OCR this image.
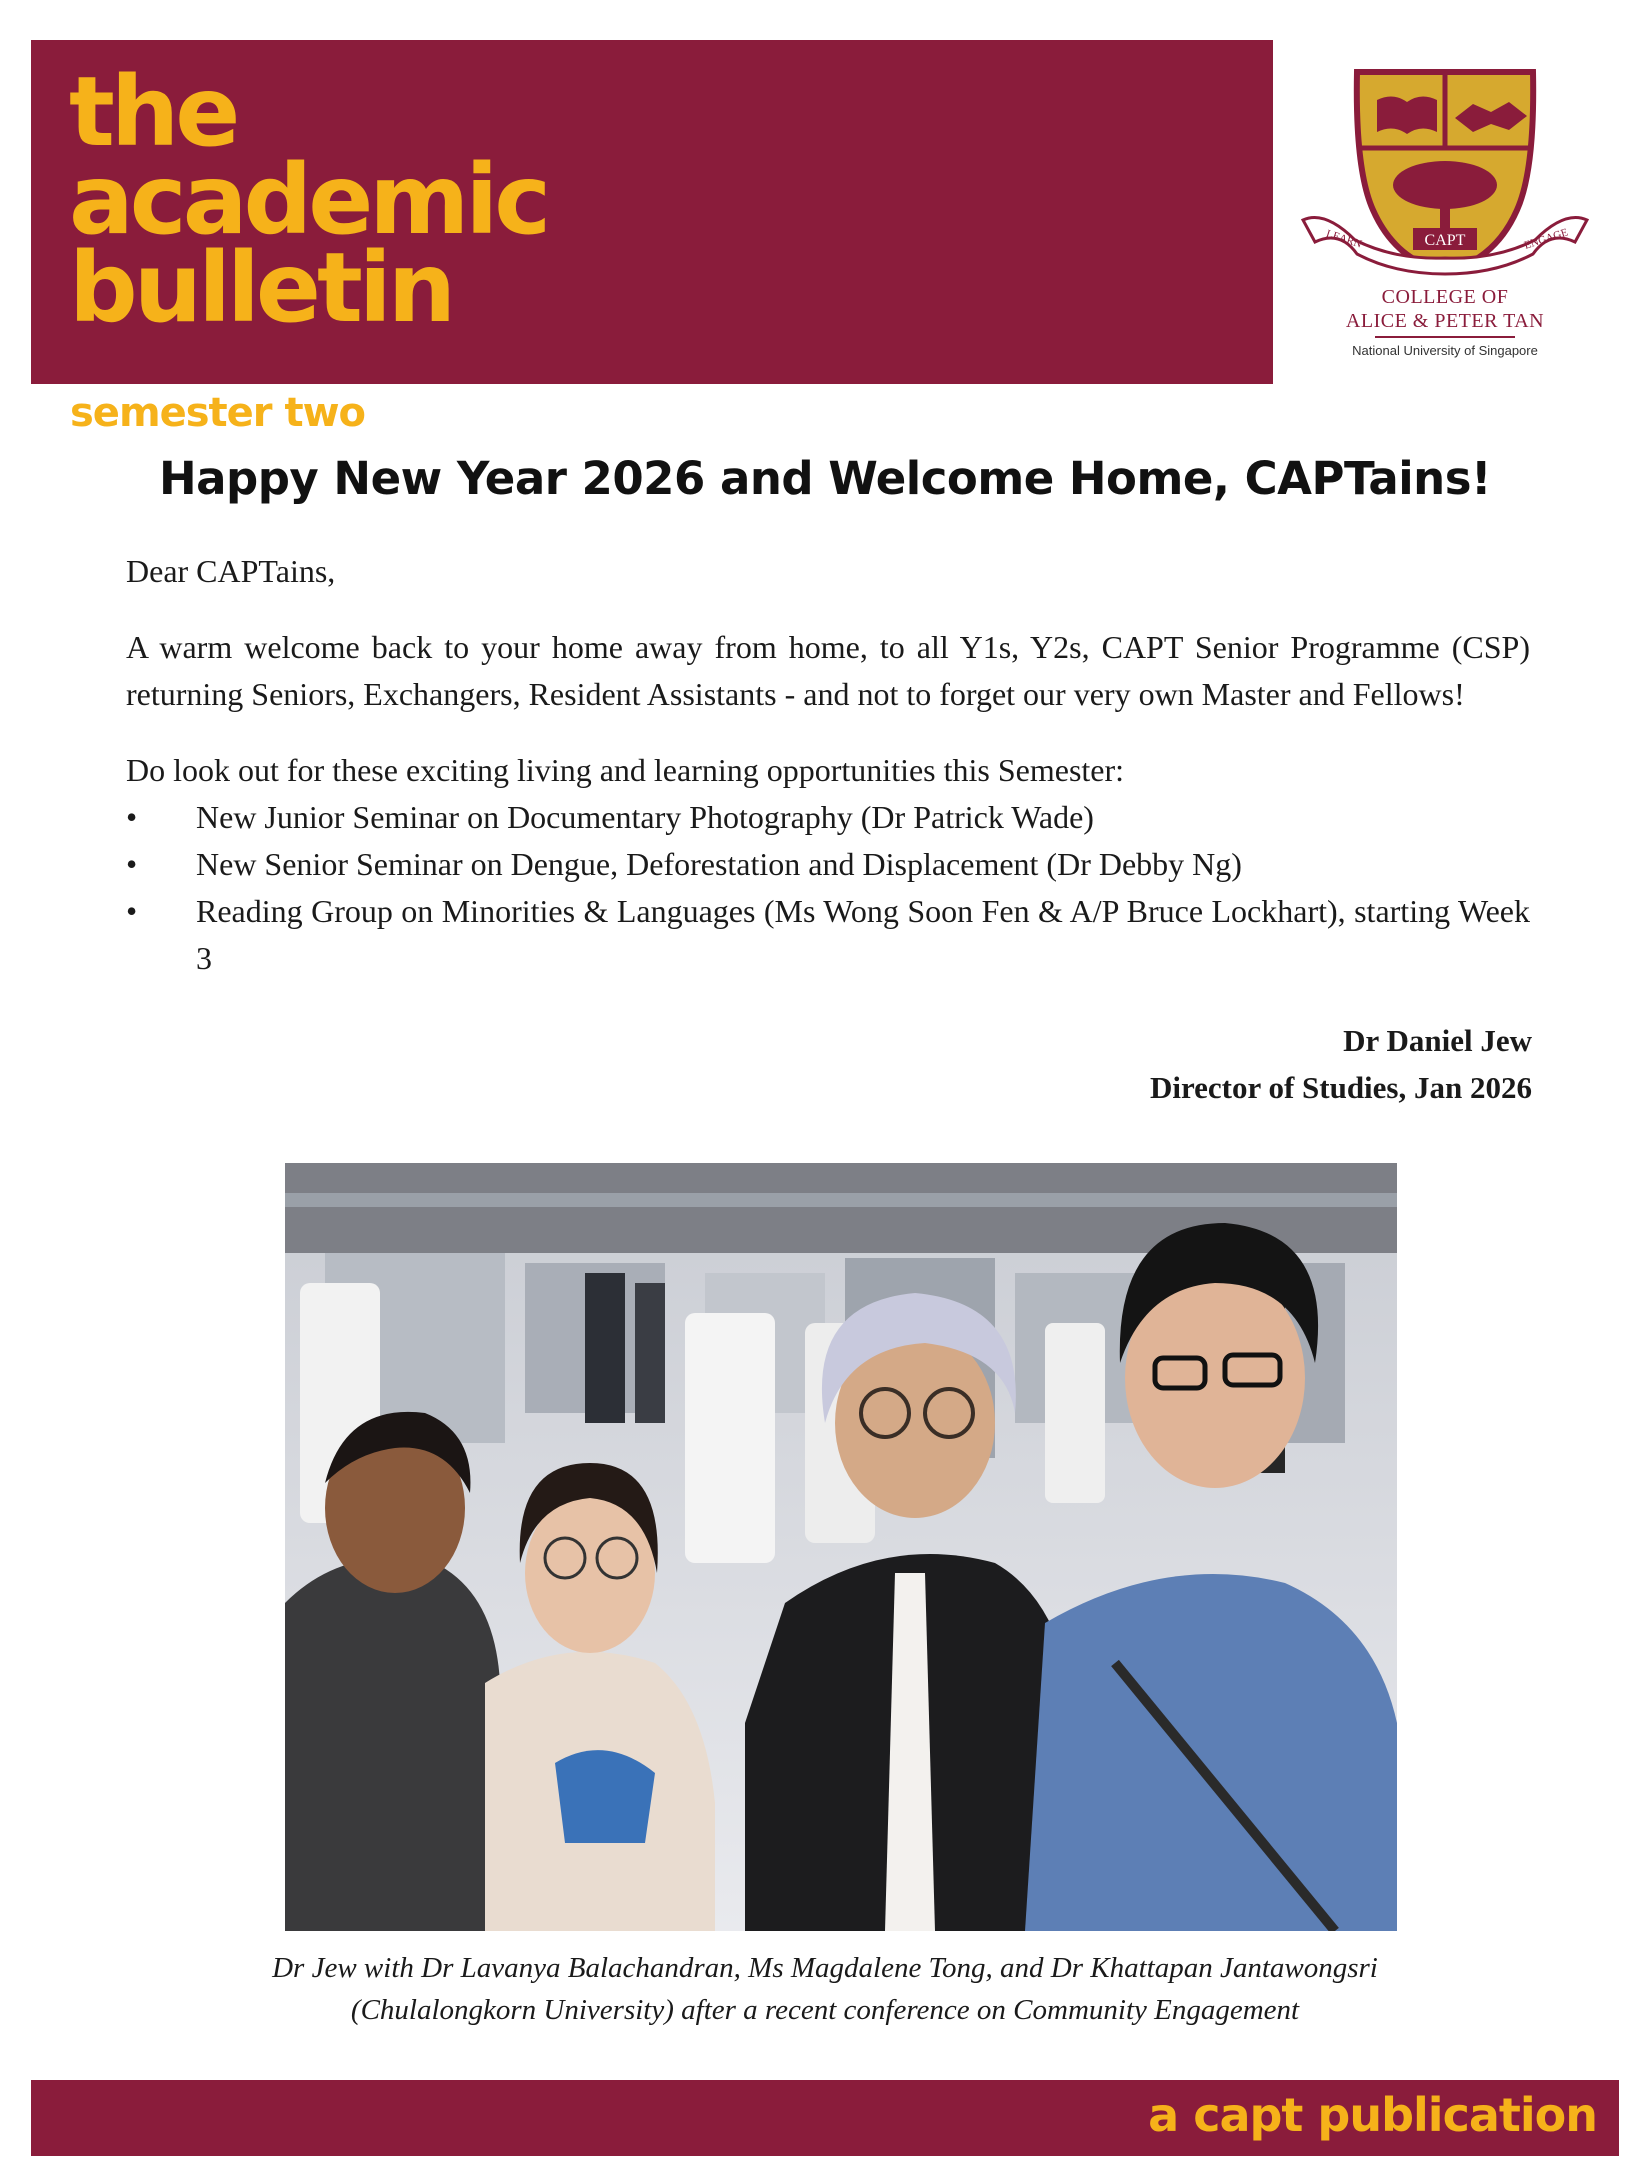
the
academic
bulletin
semester two
CAPT
LEARN	ENGAGE
COLLEGE OF
ALICE & PETER TAN
National University of Singapore
Happy New Year 2026 and Welcome Home, CAPTains!

Dear CAPTains,

A warm welcome back to your home away from home, to all Y1s, Y2s, CAPT Senior Programme (CSP) returning Seniors, Exchangers, Resident Assistants - and not to forget our very own Master and Fellows!

Do look out for these exciting living and learning opportunities this Semester:

• New Junior Seminar on Documentary Photography (Dr Patrick Wade)
• New Senior Seminar on Dengue, Deforestation and Displacement (Dr Debby Ng)
• Reading Group on Minorities & Languages (Ms Wong Soon Fen & A/P Bruce Lockhart), starting Week 3
Dr Daniel Jew
Director of Studies, Jan 2026
Dr Jew with Dr Lavanya Balachandran, Ms Magdalene Tong, and Dr Khattapan Jantawongsri
(Chulalongkorn University) after a recent conference on Community Engagement
a capt publication
